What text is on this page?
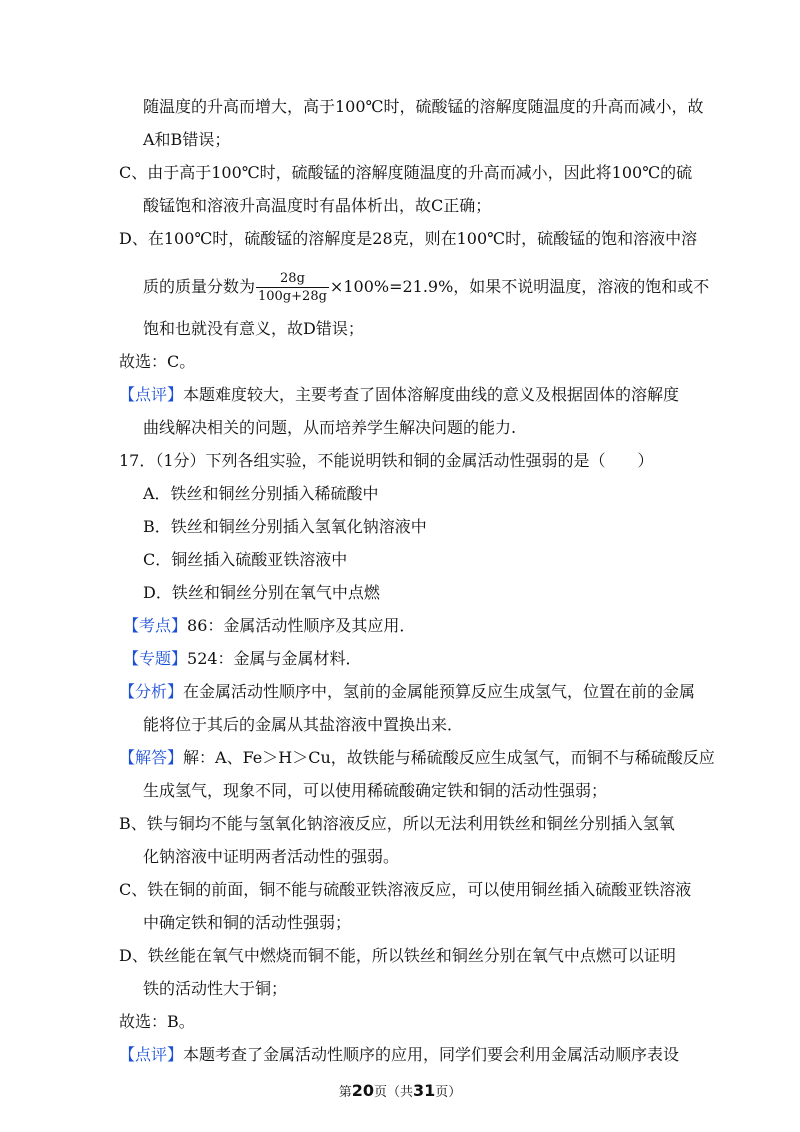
随温度的升高而增大，高于100℃时，硫酸锰的溶解度随温度的升高而减小，故
A和B错误；
C、由于高于100℃时，硫酸锰的溶解度随温度的升高而减小，因此将100℃的硫
酸锰饱和溶液升高温度时有晶体析出，故C正确；
D、在100℃时，硫酸锰的溶解度是28克，则在100℃时，硫酸锰的饱和溶液中溶
质的质量分数为 $\frac{28g}{100g+28g} \times 100\%=21.9\%$，如果不说明温度，溶液的饱和或不
饱和也就没有意义，故D错误；
故选：C。
【点评】本题难度较大，主要考查了固体溶解度曲线的意义及根据固体的溶解度
曲线解决相关的问题，从而培养学生解决问题的能力.
17．（1分）下列各组实验，不能说明铁和铜的金属活动性强弱的是（　　）
A．铁丝和铜丝分别插入稀硫酸中
B．铁丝和铜丝分别插入氢氧化钠溶液中
C．铜丝插入硫酸亚铁溶液中
D．铁丝和铜丝分别在氧气中点燃
【考点】86：金属活动性顺序及其应用．
【专题】524：金属与金属材料．
【分析】在金属活动性顺序中，氢前的金属能预算反应生成氢气，位置在前的金属
能将位于其后的金属从其盐溶液中置换出来．
【解答】解：A、Fe＞H＞Cu，故铁能与稀硫酸反应生成氢气，而铜不与稀硫酸反应
生成氢气，现象不同，可以使用稀硫酸确定铁和铜的活动性强弱；
B、铁与铜均不能与氢氧化钠溶液反应，所以无法利用铁丝和铜丝分别插入氢氧
化钠溶液中证明两者活动性的强弱。
C、铁在铜的前面，铜不能与硫酸亚铁溶液反应，可以使用铜丝插入硫酸亚铁溶液
中确定铁和铜的活动性强弱；
D、铁丝能在氧气中燃烧而铜不能，所以铁丝和铜丝分别在氧气中点燃可以证明
铁的活动性大于铜；
故选：B。
【点评】本题考查了金属活动性顺序的应用，同学们要会利用金属活动顺序表设
第20页（共31页）
